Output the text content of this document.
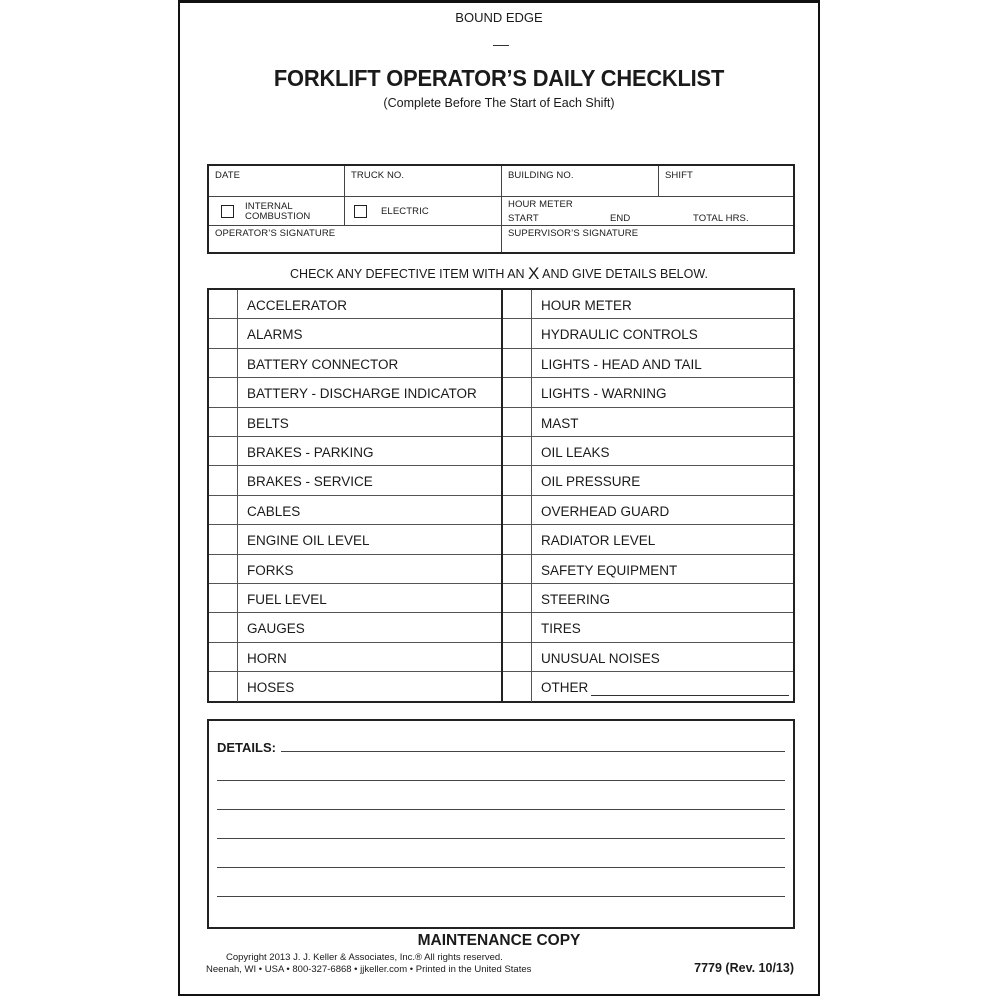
BOUND EDGE
FORKLIFT OPERATOR’S DAILY CHECKLIST
(Complete Before The Start of Each Shift)
DATE	TRUCK NO.	BUILDING NO.	SHIFT
INTERNAL
COMBUSTION	ELECTRIC
HOUR METER
START	END	TOTAL HRS.
OPERATOR’S SIGNATURE	SUPERVISOR’S SIGNATURE
CHECK ANY DEFECTIVE ITEM WITH AN X AND GIVE DETAILS BELOW.
ACCELERATOR
ALARMS
BATTERY CONNECTOR
BATTERY - DISCHARGE INDICATOR
BELTS
BRAKES - PARKING
BRAKES - SERVICE
CABLES
ENGINE OIL LEVEL
FORKS
FUEL LEVEL
GAUGES
HORN
HOSES
HOUR METER
HYDRAULIC CONTROLS
LIGHTS - HEAD AND TAIL
LIGHTS - WARNING
MAST
OIL LEAKS
OIL PRESSURE
OVERHEAD GUARD
RADIATOR LEVEL
SAFETY EQUIPMENT
STEERING
TIRES
UNUSUAL NOISES
OTHER
DETAILS:
MAINTENANCE COPY
Copyright 2013 J. J. Keller & Associates, Inc.® All rights reserved.
Neenah, WI • USA • 800-327-6868 • jjkeller.com • Printed in the United States	7779 (Rev. 10/13)
